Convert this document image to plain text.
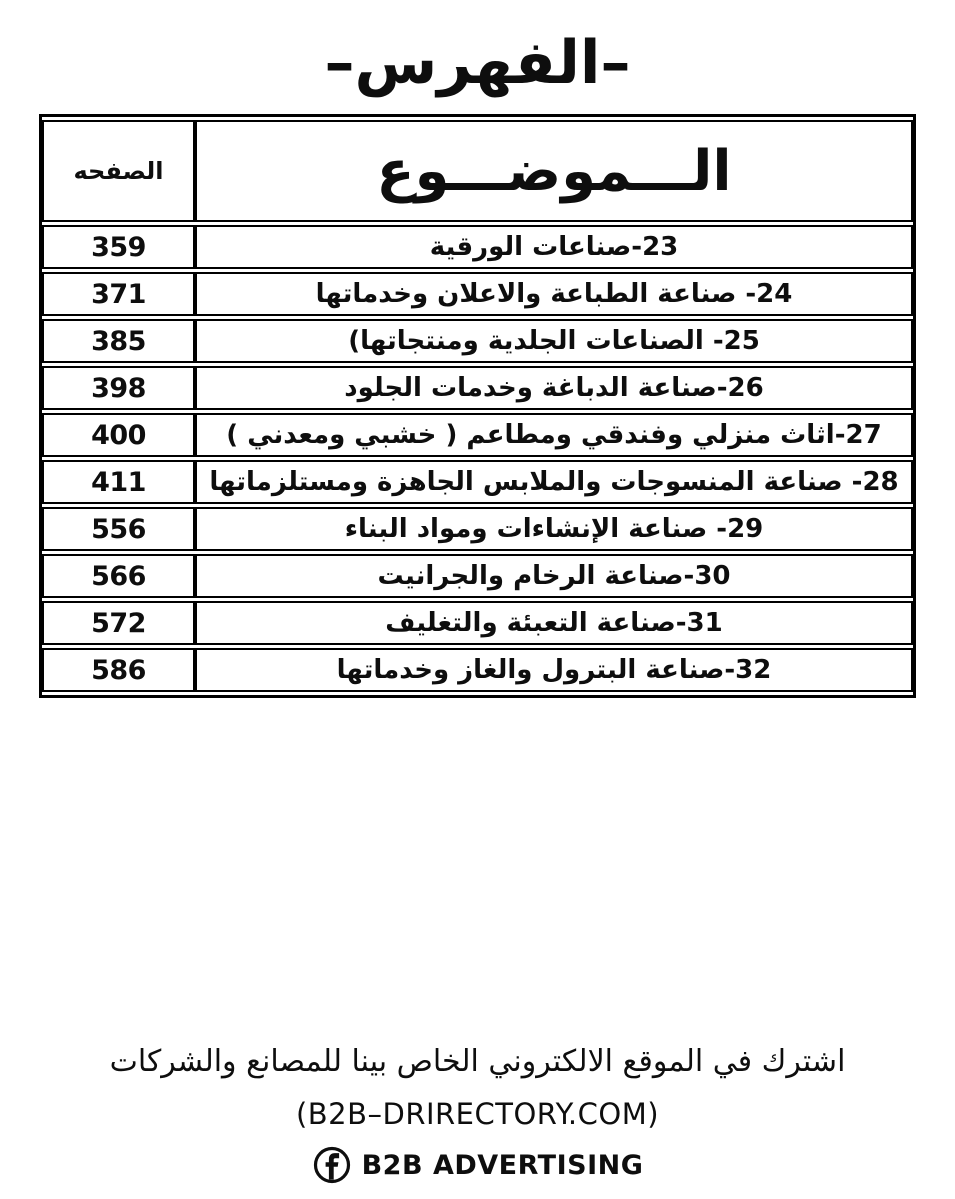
–الفهرس–
الـــموضـــوع	الصفحه
23-صناعات الورقية	359
24- صناعة الطباعة والاعلان وخدماتها	371
25- الصناعات الجلدية ومنتجاتها)	385
26-صناعة الدباغة وخدمات الجلود	398
27-اثاث منزلي وفندقي ومطاعم ( خشبي ومعدني )	400
28- صناعة المنسوجات والملابس الجاهزة ومستلزماتها	411
29- صناعة الإنشاءات ومواد البناء	556
30-صناعة الرخام والجرانيت	566
31-صناعة التعبئة والتغليف	572
32-صناعة البترول والغاز وخدماتها	586
اشترك في الموقع الالكتروني الخاص بينا للمصانع والشركات
(B2B–DRIRECTORY.COM)
B2B ADVERTISING
